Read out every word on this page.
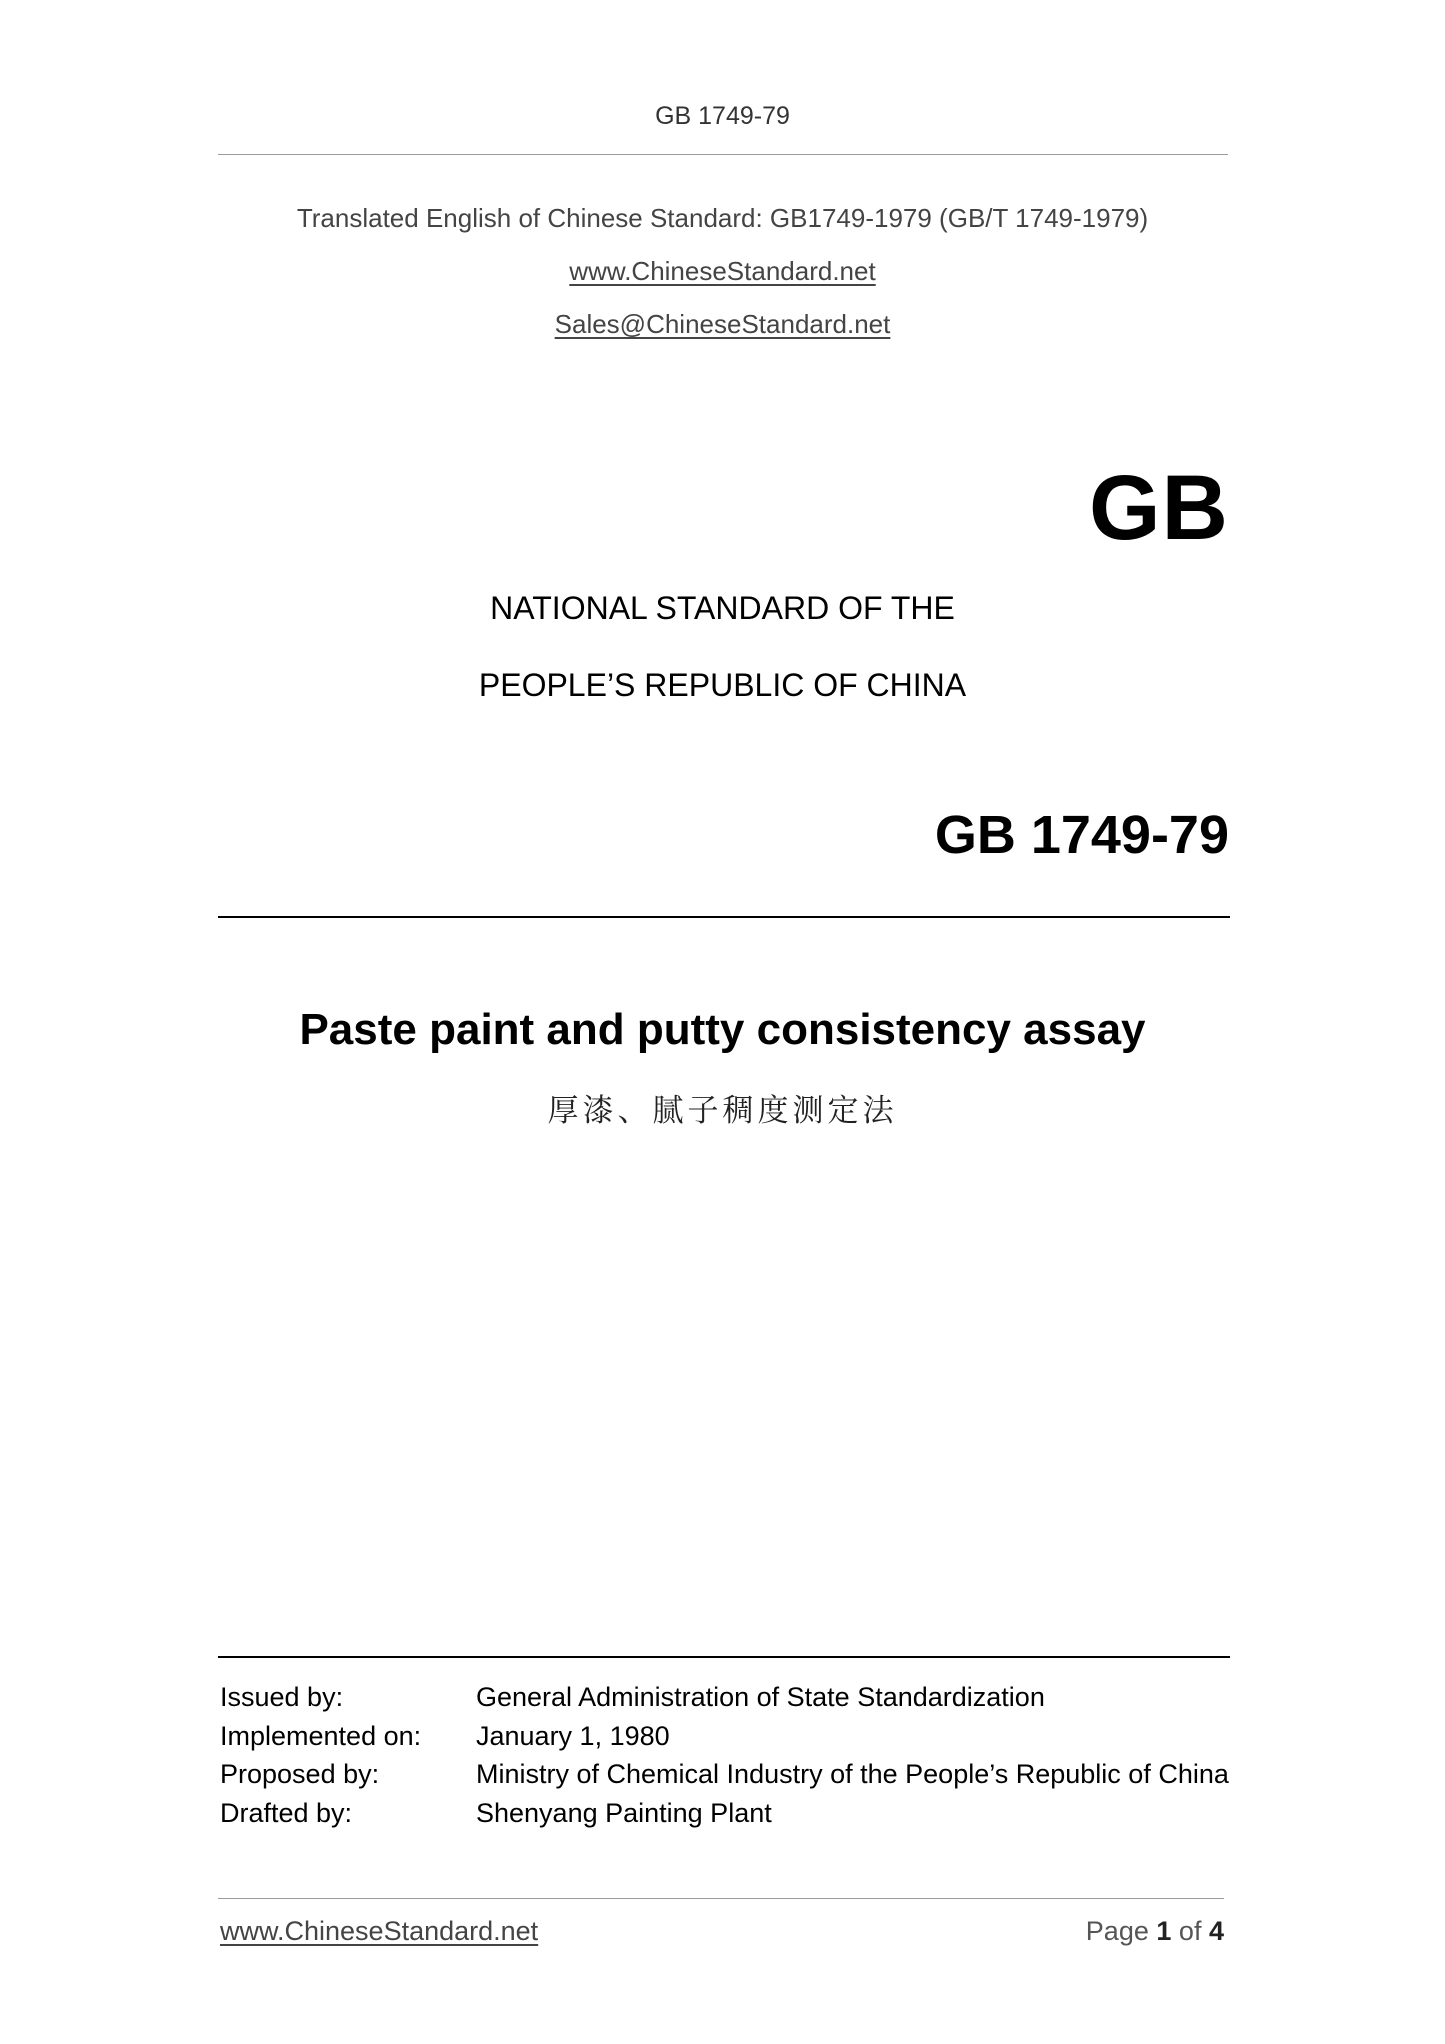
GB 1749-79
Translated English of Chinese Standard: GB1749-1979 (GB/T 1749-1979)
www.ChineseStandard.net
Sales@ChineseStandard.net
GB
NATIONAL STANDARD OF THE
PEOPLE’S REPUBLIC OF CHINA
GB 1749-79
Paste paint and putty consistency assay
厚漆、腻子稠度测定法
Issued by:	General Administration of State Standardization
Implemented on:	January 1, 1980
Proposed by:	Ministry of Chemical Industry of the People’s Republic of China
Drafted by:	Shenyang Painting Plant
www.ChineseStandard.net	Page 1 of 4
